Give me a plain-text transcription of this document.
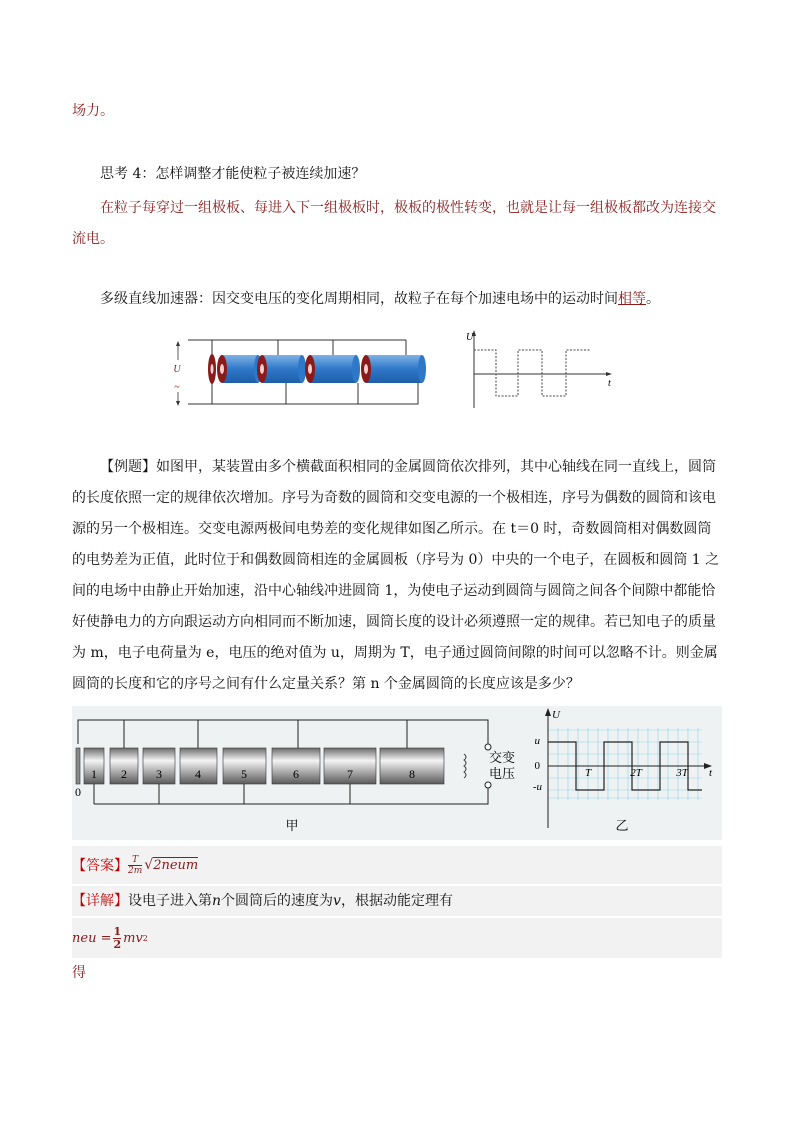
场力。

思考 4：怎样调整才能使粒子被连续加速？

在粒子每穿过一组极板、每进入下一组极板时，极板的极性转变，也就是让每一组极板都改为连接交

流电。

多级直线加速器：因交变电压的变化周期相同，故粒子在每个加速电场中的运动时间相等。

U
~
U
t

【例题】如图甲，某装置由多个横截面积相同的金属圆筒依次排列，其中心轴线在同一直线上，圆筒的长度依照一定的规律依次增加。序号为奇数的圆筒和交变电源的一个极相连，序号为偶数的圆筒和该电源的另一个极相连。交变电源两极间电势差的变化规律如图乙所示。在 t＝0 时，奇数圆筒相对偶数圆筒的电势差为正值，此时位于和偶数圆筒相连的金属圆板（序号为 0）中央的一个电子，在圆板和圆筒 1 之间的电场中由静止开始加速，沿中心轴线冲进圆筒 1，为使电子运动到圆筒与圆筒之间各个间隙中都能恰好使静电力的方向跟运动方向相同而不断加速，圆筒长度的设计必须遵照一定的规律。若已知电子的质量为 m，电子电荷量为 e，电压的绝对值为 u，周期为 T，电子通过圆筒间隙的时间可以忽略不计。则金属圆筒的长度和它的序号之间有什么定量关系？第 n 个金属圆筒的长度应该是多少？

0
1 2 3	4	5	6	7	8
交变
电压
甲
U
t
u
0
-u
T	2T	3T
乙
【答案】 T
2m √ 2neum

【详解】设电子进入第n个圆筒后的速度为v，根据动能定理有

neu = $\frac{1}{2}$ mv 2

得
